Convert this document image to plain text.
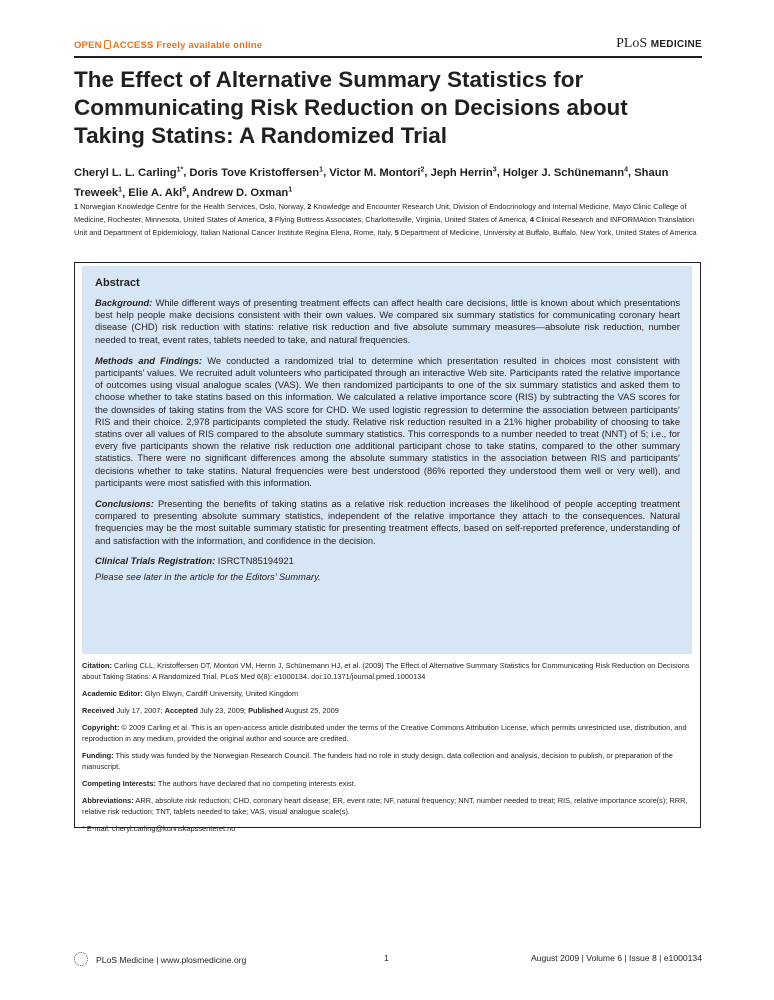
OPEN ACCESS Freely available online	PLoS MEDICINE
The Effect of Alternative Summary Statistics for Communicating Risk Reduction on Decisions about Taking Statins: A Randomized Trial
Cheryl L. L. Carling$^{1*}$, Doris Tove Kristoffersen$^1$, Victor M. Montori$^2$, Jeph Herrin$^3$, Holger J. Schünemann$^4$, Shaun Treweek$^1$, Elie A. Akl$^5$, Andrew D. Oxman$^1$
1 Norwegian Knowledge Centre for the Health Services, Oslo, Norway, 2 Knowledge and Encounter Research Unit, Division of Endocrinology and Internal Medicine, Mayo Clinic College of Medicine, Rochester, Minnesota, United States of America, 3 Flying Buttress Associates, Charlottesville, Virginia, United States of America, 4 Clinical Research and INFORMAtion Translation Unit and Department of Epidemiology, Italian National Cancer Institute Regina Elena, Rome, Italy, 5 Department of Medicine, University at Buffalo, Buffalo, New York, United States of America
Abstract

Background: While different ways of presenting treatment effects can affect health care decisions, little is known about which presentations best help people make decisions consistent with their own values. We compared six summary statistics for communicating coronary heart disease (CHD) risk reduction with statins: relative risk reduction and five absolute summary measures—absolute risk reduction, number needed to treat, event rates, tablets needed to take, and natural frequencies.

Methods and Findings: We conducted a randomized trial to determine which presentation resulted in choices most consistent with participants’ values. We recruited adult volunteers who participated through an interactive Web site. Participants rated the relative importance of outcomes using visual analogue scales (VAS). We then randomized participants to one of the six summary statistics and asked them to choose whether to take statins based on this information. We calculated a relative importance score (RIS) by subtracting the VAS scores for the downsides of taking statins from the VAS score for CHD. We used logistic regression to determine the association between participants’ RIS and their choice. 2,978 participants completed the study. Relative risk reduction resulted in a 21% higher probability of choosing to take statins over all values of RIS compared to the absolute summary statistics. This corresponds to a number needed to treat (NNT) of 5; i.e., for every five participants shown the relative risk reduction one additional participant chose to take statins, compared to the other summary statistics. There were no significant differences among the absolute summary statistics in the association between RIS and participants’ decisions whether to take statins. Natural frequencies were best understood (86% reported they understood them well or very well), and participants were most satisfied with this information.

Conclusions: Presenting the benefits of taking statins as a relative risk reduction increases the likelihood of people accepting treatment compared to presenting absolute summary statistics, independent of the relative importance they attach to the consequences. Natural frequencies may be the most suitable summary statistic for presenting treatment effects, based on self-reported preference, understanding of and satisfaction with the information, and confidence in the decision.

Clinical Trials Registration: ISRCTN85194921

Please see later in the article for the Editors’ Summary.

Citation: Carling CLL, Kristoffersen DT, Montori VM, Herrin J, Schünemann HJ, et al. (2009) The Effect of Alternative Summary Statistics for Communicating Risk Reduction on Decisions about Taking Statins: A Randomized Trial. PLoS Med 6(8): e1000134. doi:10.1371/journal.pmed.1000134

Academic Editor: Glyn Elwyn, Cardiff University, United Kingdom

Received July 17, 2007; Accepted July 23, 2009; Published August 25, 2009

Copyright: © 2009 Carling et al. This is an open-access article distributed under the terms of the Creative Commons Attribution License, which permits unrestricted use, distribution, and reproduction in any medium, provided the original author and source are credited.

Funding: This study was funded by the Norwegian Research Council. The funders had no role in study design, data collection and analysis, decision to publish, or preparation of the manuscript.

Competing Interests: The authors have declared that no competing interests exist.

Abbreviations: ARR, absolute risk reduction; CHD, coronary heart disease; ER, event rate; NF, natural frequency; NNT, number needed to treat; RIS, relative importance score(s); RRR, relative risk reduction; TNT, tablets needed to take; VAS, visual analogue scale(s).

* E-mail: cheryl.carling@kunnskapssenteret.no

PLoS Medicine | www.plosmedicine.org	1	August 2009 | Volume 6 | Issue 8 | e1000134
